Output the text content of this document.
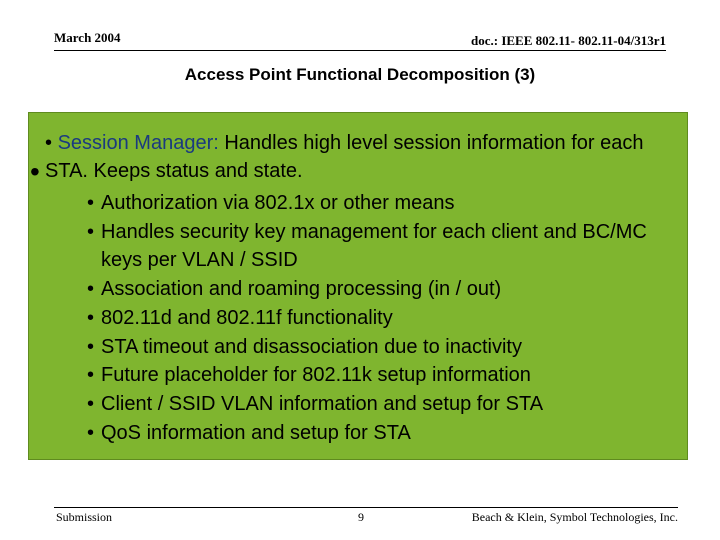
March 2004	doc.: IEEE 802.11- 802.11-04/313r1
Access Point Functional Decomposition (3)
• Session Manager: Handles high level session information for each STA. Keeps status and state.
•
• Authorization via 802.1x or other means
• Handles security key management for each client and BC/MC keys per VLAN / SSID
• Association and roaming processing (in / out)
• 802.11d and 802.11f functionality
• STA timeout and disassociation due to inactivity
• Future placeholder for 802.11k setup information
• Client / SSID VLAN information and setup for STA
• QoS information and setup for STA
Submission	9	Beach & Klein, Symbol Technologies, Inc.
